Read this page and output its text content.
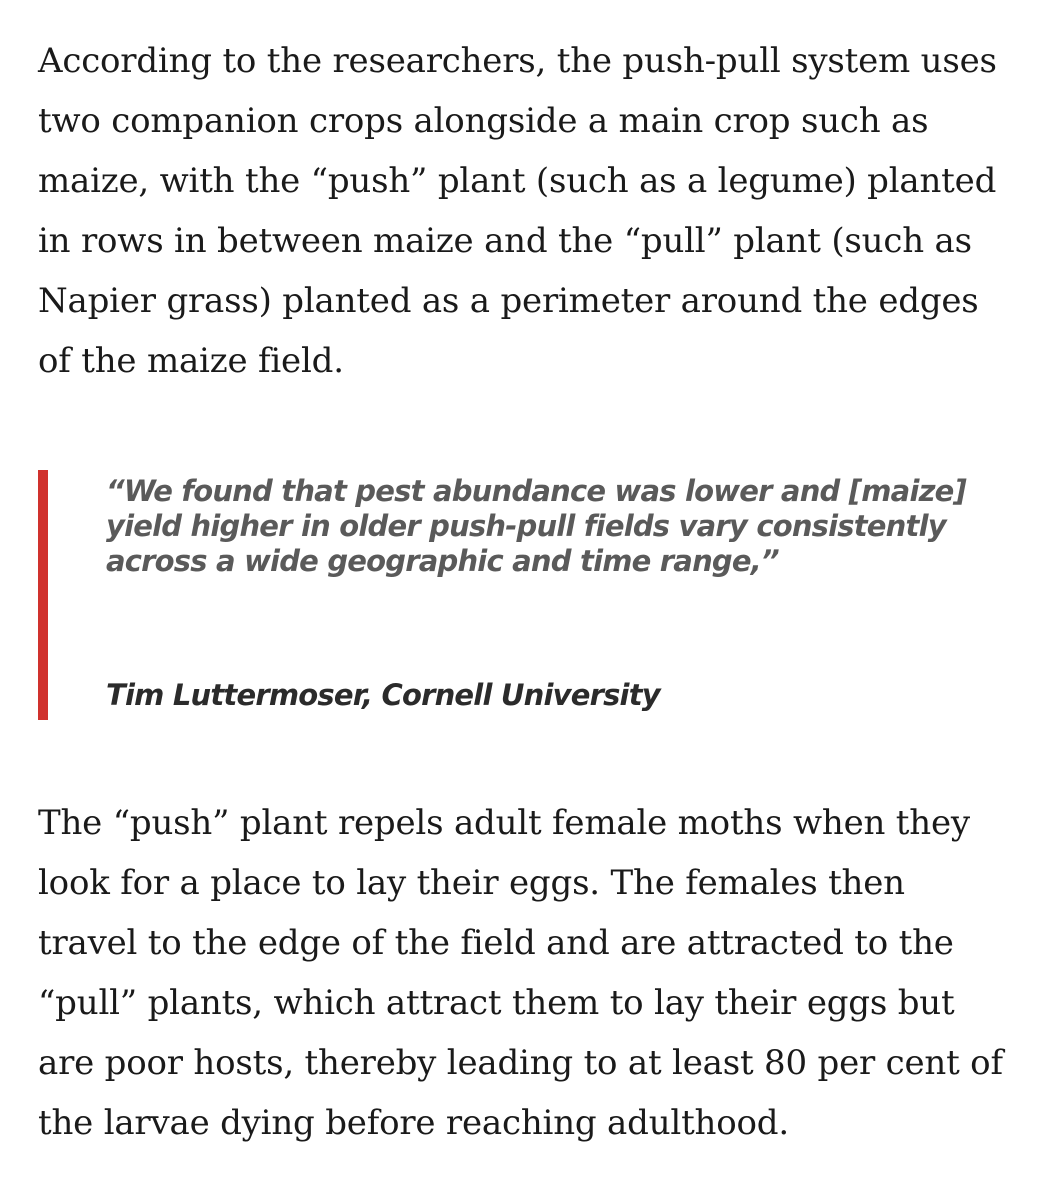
According to the researchers, the push-pull system uses two companion crops alongside a main crop such as maize, with the “push” plant (such as a legume) planted in rows in between maize and the “pull” plant (such as Napier grass) planted as a perimeter around the edges of the maize field.

“We found that pest abundance was lower and [maize] yield higher in older push-pull fields vary consistently across a wide geographic and time range,”

Tim Luttermoser, Cornell University

The “push” plant repels adult female moths when they look for a place to lay their eggs. The females then travel to the edge of the field and are attracted to the “pull” plants, which attract them to lay their eggs but are poor hosts, thereby leading to at least 80 per cent of the larvae dying before reaching adulthood.
